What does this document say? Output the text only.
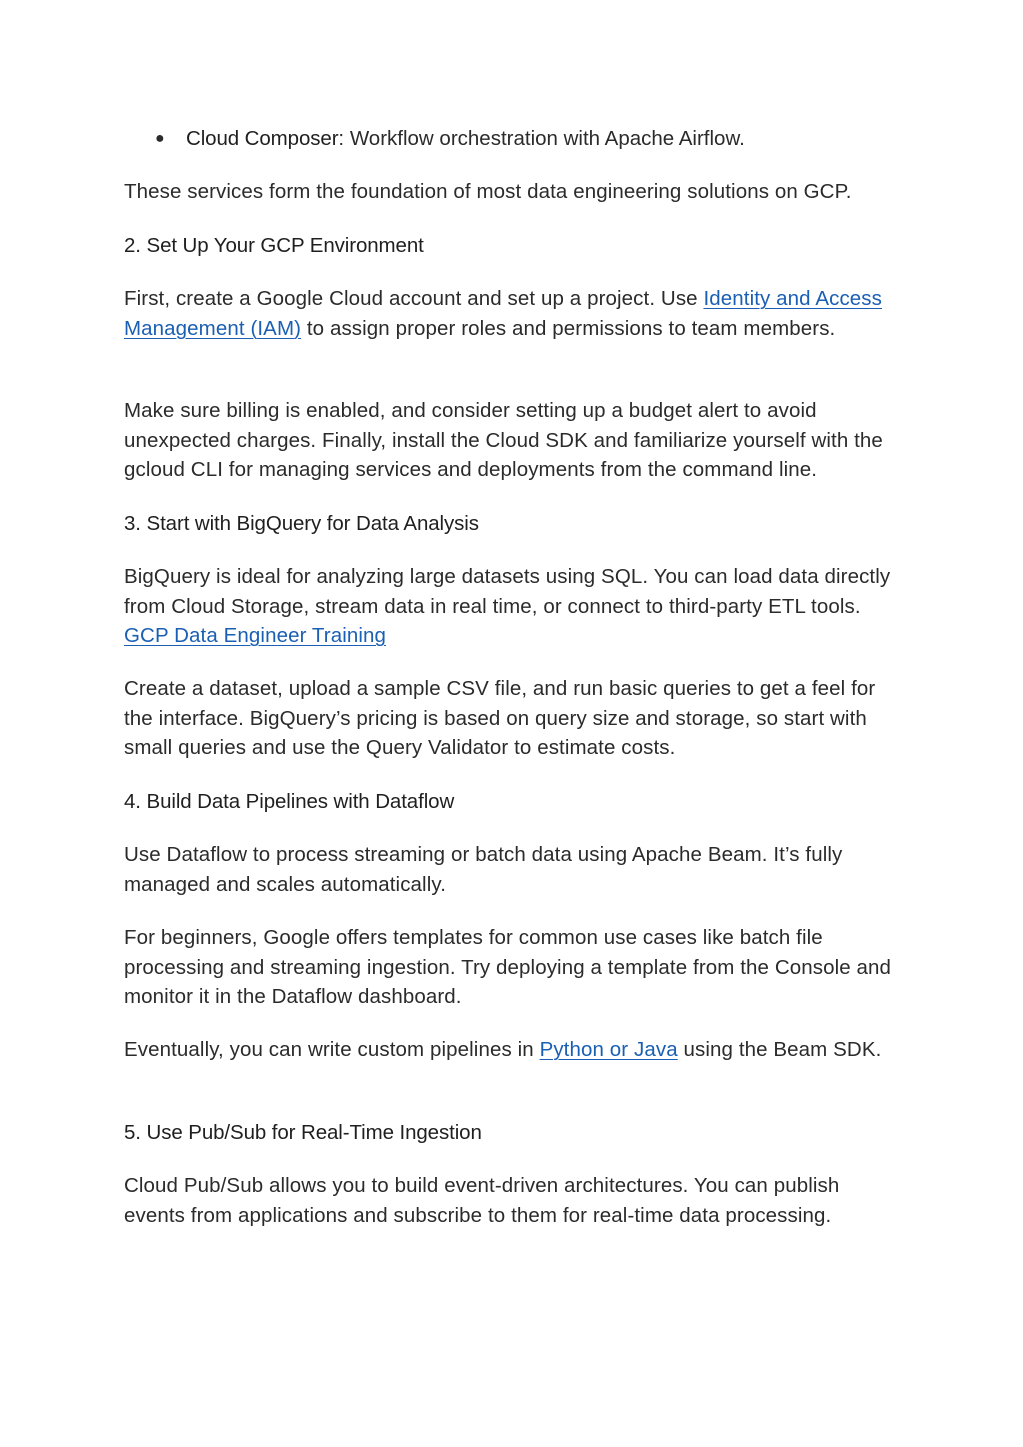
●	Cloud Composer: Workflow orchestration with Apache Airflow.

These services form the foundation of most data engineering solutions on GCP.

2. Set Up Your GCP Environment

First, create a Google Cloud account and set up a project. Use Identity and Access Management (IAM) to assign proper roles and permissions to team members.

Make sure billing is enabled, and consider setting up a budget alert to avoid unexpected charges. Finally, install the Cloud SDK and familiarize yourself with the gcloud CLI for managing services and deployments from the command line.

3. Start with BigQuery for Data Analysis

BigQuery is ideal for analyzing large datasets using SQL. You can load data directly from Cloud Storage, stream data in real time, or connect to third-party ETL tools. GCP Data Engineer Training

Create a dataset, upload a sample CSV file, and run basic queries to get a feel for the interface. BigQuery’s pricing is based on query size and storage, so start with small queries and use the Query Validator to estimate costs.

4. Build Data Pipelines with Dataflow

Use Dataflow to process streaming or batch data using Apache Beam. It’s fully managed and scales automatically.

For beginners, Google offers templates for common use cases like batch file processing and streaming ingestion. Try deploying a template from the Console and monitor it in the Dataflow dashboard.

Eventually, you can write custom pipelines in Python or Java using the Beam SDK.

5. Use Pub/Sub for Real-Time Ingestion

Cloud Pub/Sub allows you to build event-driven architectures. You can publish events from applications and subscribe to them for real-time data processing.
